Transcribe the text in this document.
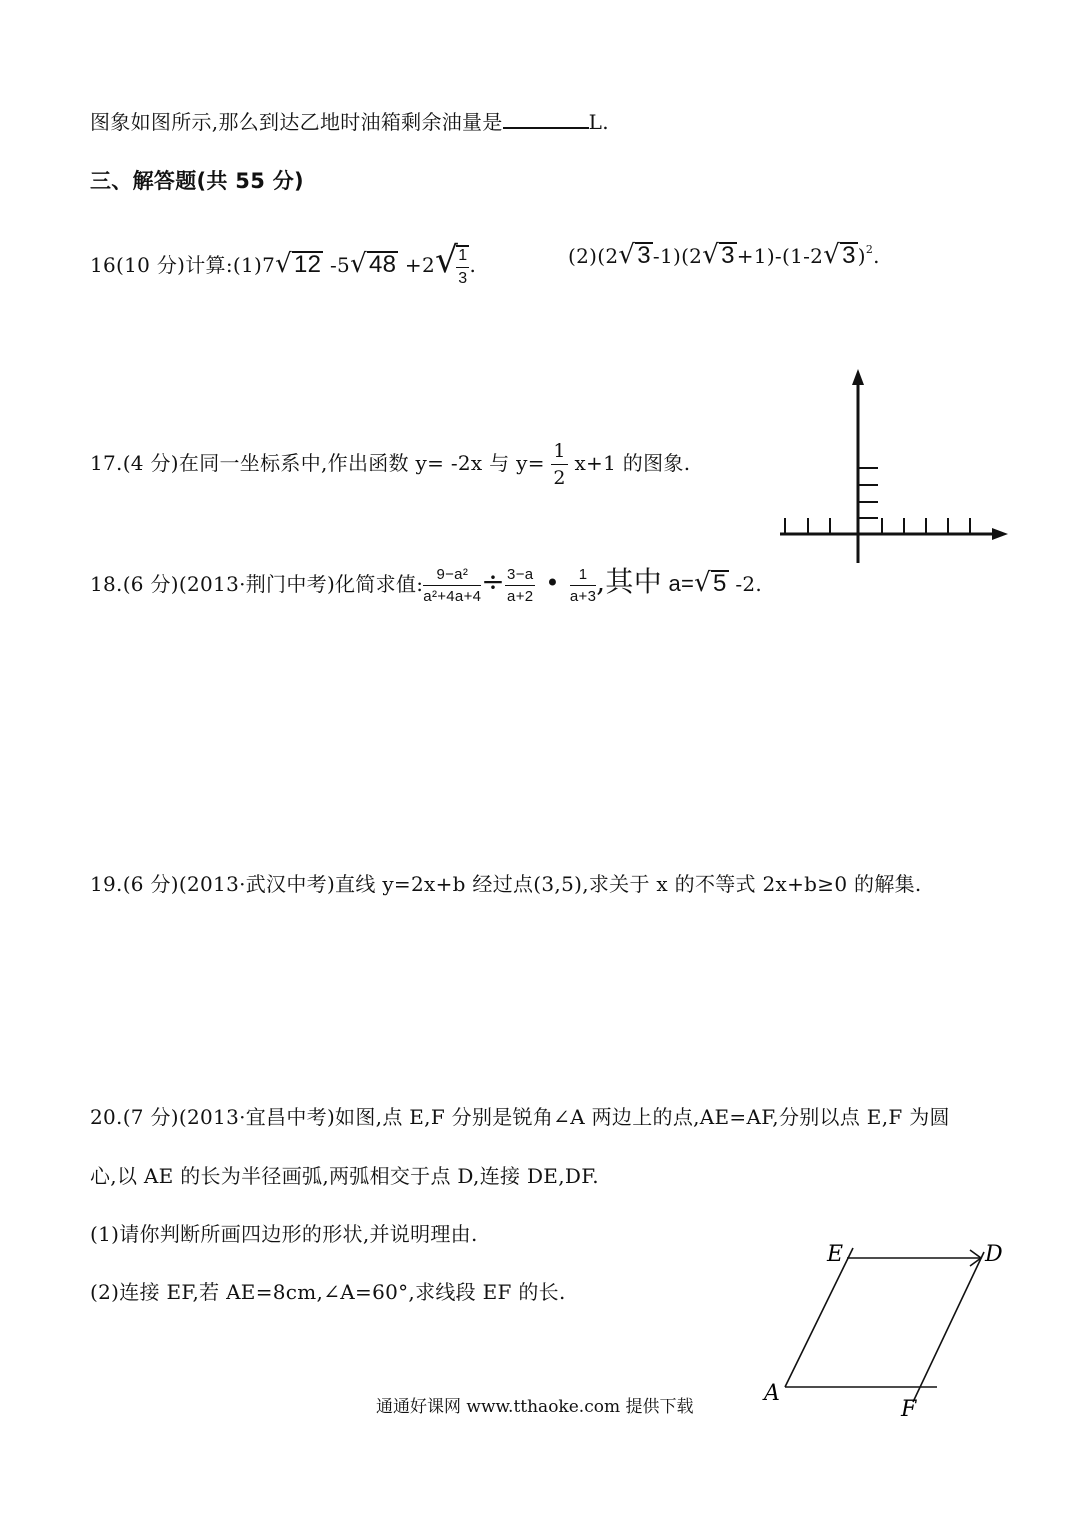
图象如图所示,那么到达乙地时油箱剩余油量是	L.
三、解答题(共 55 分)
16(10 分)计算:(1)7√12 -5√48 +2√
$\frac{1}{3}$ .	(2)(2√3 -1)(2√3 +1)-(1-2√3 )$^2$.
17.(4 分)在同一坐标系中,作出函数 y= -2x 与 $y= \frac{1}{2} x+1$ 的图象.
18.(6 分)(2013·荆门中考)化简求值: $\frac{\text{9−a²}}{\text{a²+4a+4}} \div \frac{3-a}{a+2}$ • $\frac{1}{a+3}$ ,其中 a=√5 -2.
19.(6 分)(2013·武汉中考)直线 y=2x+b 经过点(3,5),求关于 x 的不等式 2x+b≥0 的解集.
20.(7 分)(2013·宜昌中考)如图,点 E,F 分别是锐角∠A 两边上的点,AE=AF,分别以点 E,F 为圆
心,以 AE 的长为半径画弧,两弧相交于点 D,连接 DE,DF.
(1)请你判断所画四边形的形状,并说明理由.
(2)连接 EF,若 AE=8cm,∠A=60°,求线段 EF 的长.
E	D
A
F
通通好课网 www.tthaoke.com 提供下载
